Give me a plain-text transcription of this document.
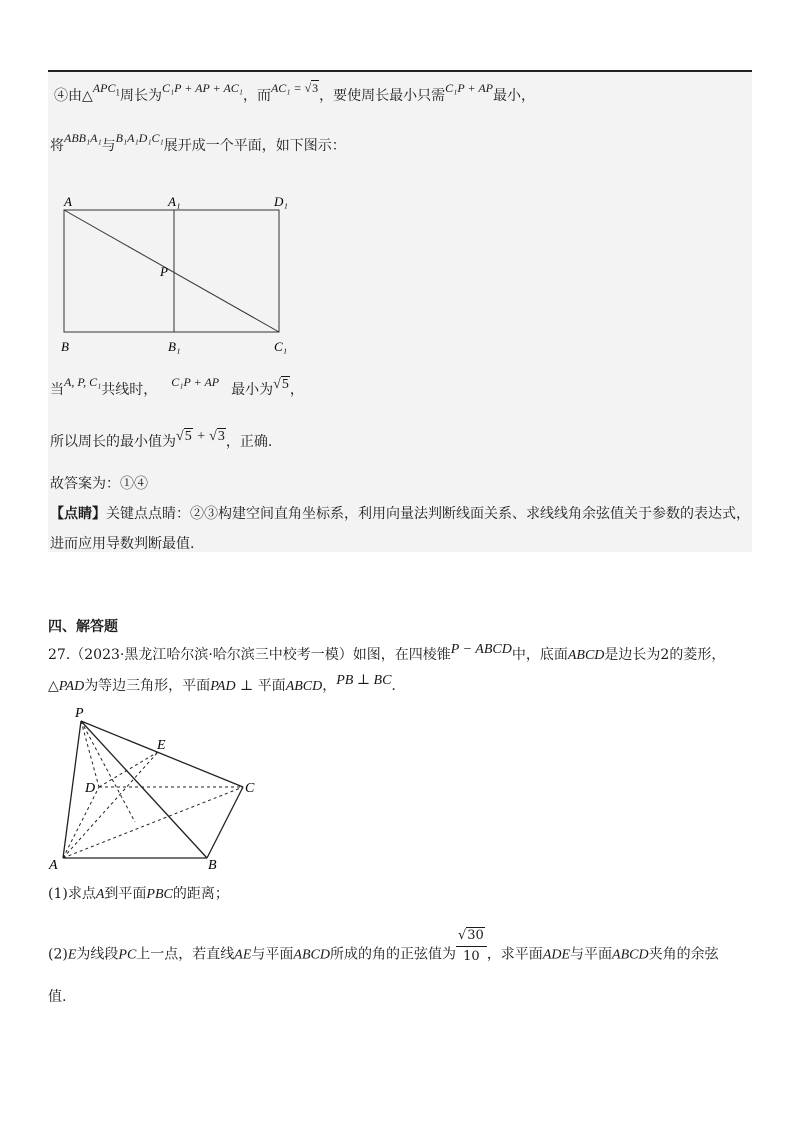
④由$\triangle APC_1$周长为C₁P + AP + AC₁，而AC₁ = √3，要使周长最小只需C₁P + AP最小，
将ABB₁A₁与B₁A₁D₁C₁展开成一个平面，如下图示：
A	A₁	D₁
P
B	B₁	C₁
当A, P, C₁共线时， C₁P + AP 最小为√5，
所以周长的最小值为√5 + √3，正确.
故答案为：①④
【点睛】关键点点睛：②③构建空间直角坐标系，利用向量法判断线面关系、求线线角余弦值关于参数的表达式，
进而应用导数判断最值.
四、解答题
27.（2023·黑龙江哈尔滨·哈尔滨三中校考一模）如图，在四棱锥P − ABCD中，底面ABCD是边长为2的菱形，
△PAD为等边三角形，平面PAD ⊥ 平面ABCD，PB ⊥ BC.
P
E
D	C
A	B
(1)求点A到平面PBC的距离；
(2)E为线段PC上一点，若直线AE与平面ABCD所成的角的正弦值为 $\frac{√30}{10}$ ，求平面ADE与平面ABCD夹角的余弦
值.
